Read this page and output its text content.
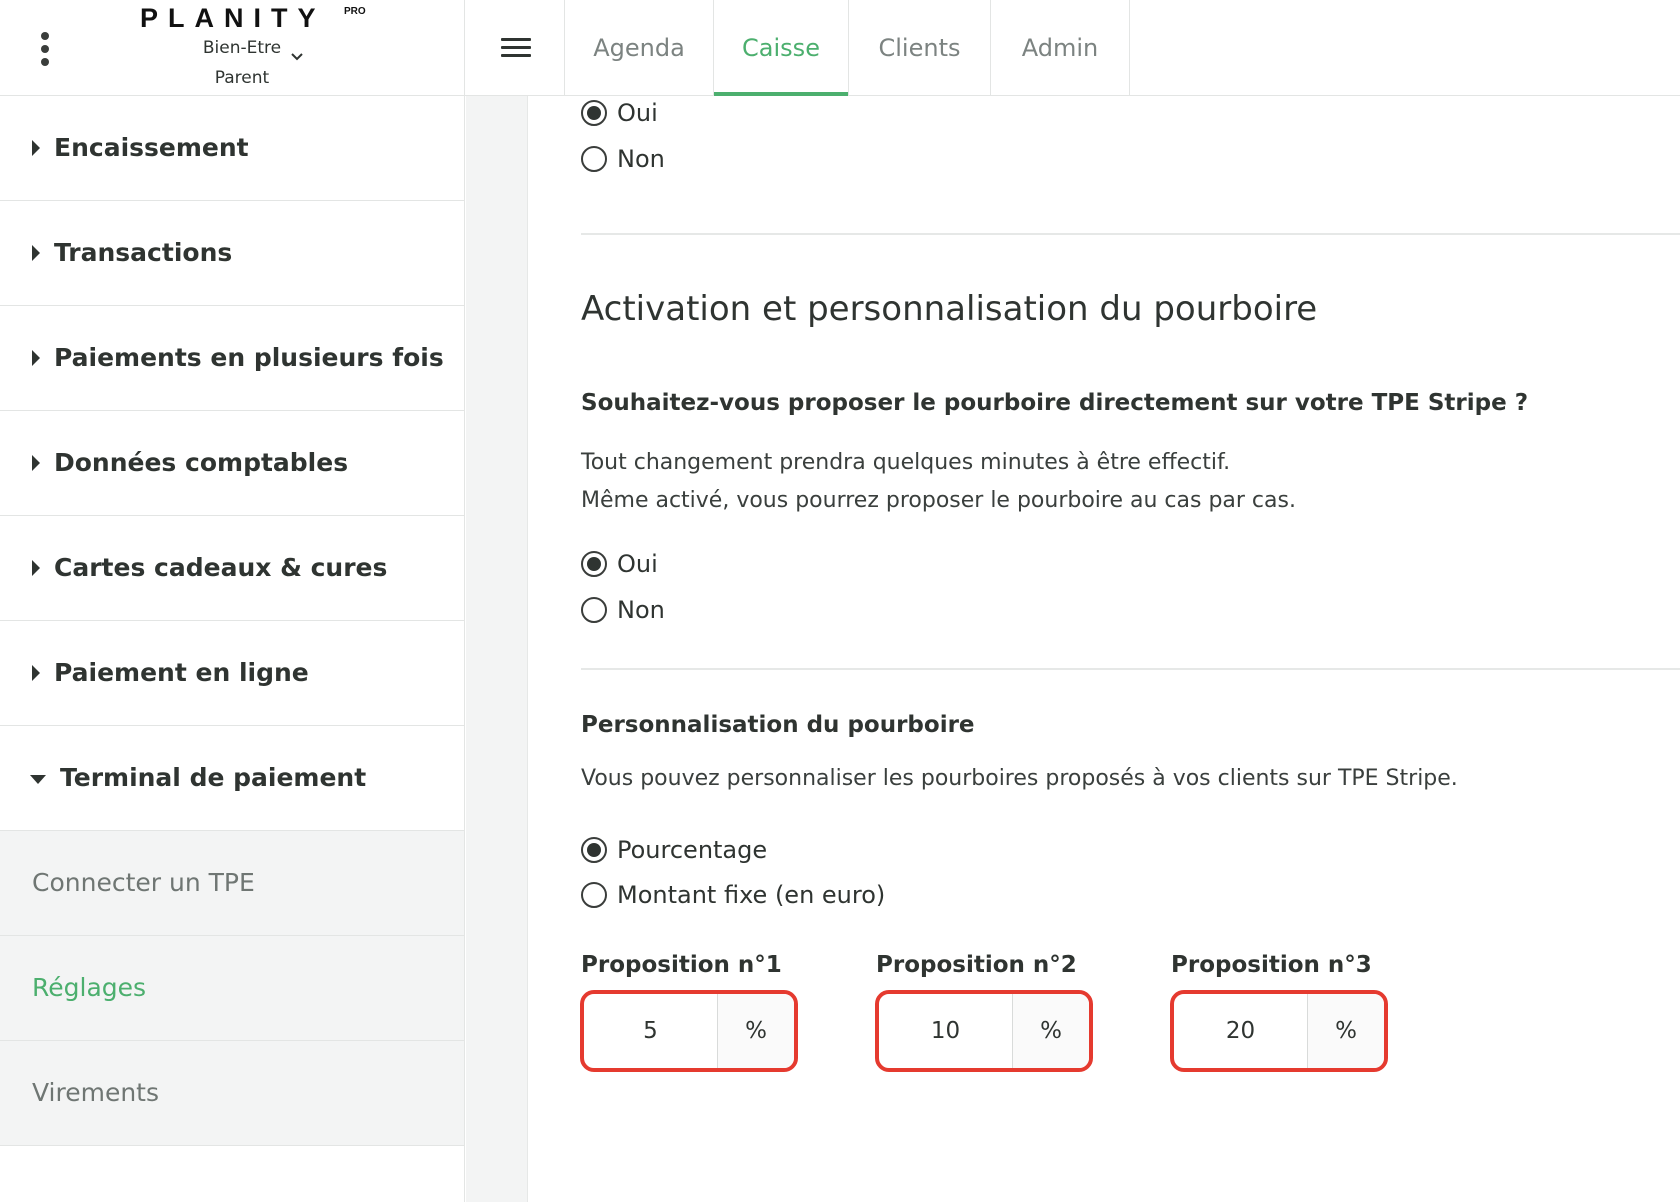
PLANITY PRO
Bien-Etre
Parent
Agenda Caisse Clients	Admin
Encaissement
Transactions
Paiements en plusieurs fois
Données comptables
Cartes cadeaux & cures
Paiement en ligne
Terminal de paiement
Connecter un TPE
Réglages
Virements
Oui
Non
Activation et personnalisation du pourboire
Souhaitez-vous proposer le pourboire directement sur votre TPE Stripe ?
Tout changement prendra quelques minutes à être effectif.
Même activé, vous pourrez proposer le pourboire au cas par cas.
Oui
Non
Personnalisation du pourboire
Vous pouvez personnaliser les pourboires proposés à vos clients sur TPE Stripe.
Pourcentage
Montant fixe (en euro)
Proposition n°1
5	%
Proposition n°2
10	%
Proposition n°3
20	%
